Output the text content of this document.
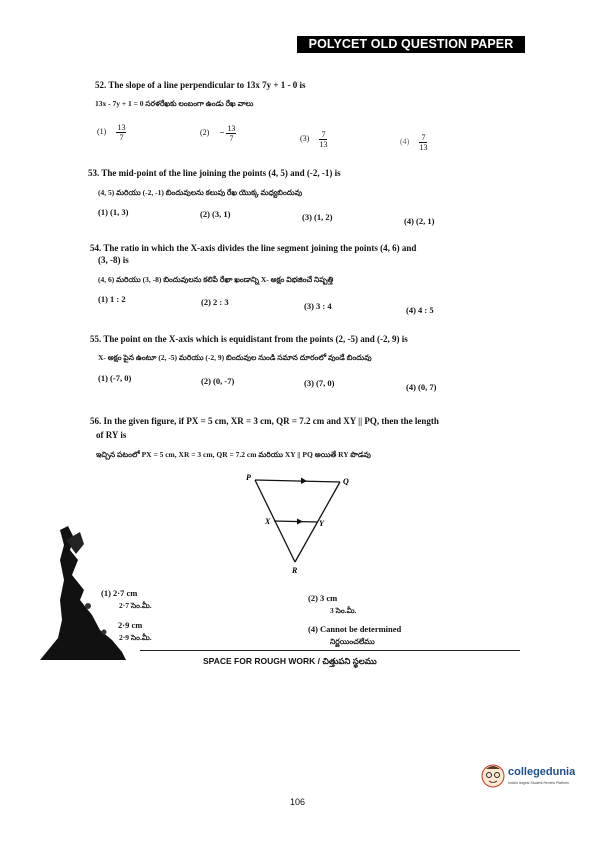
POLYCET OLD QUESTION PAPER
52. The slope of a line perpendicular to 13x 7y + 1 - 0 is
13x - 7y + 1 = 0 సరళరేఖకు లంబంగా ఉండు రేఖ వాలు
$(1) \frac{13}{7}$	$(2) - \frac{13}{7}$	$(3) \frac{7}{13}$	$(4) \frac{7}{13}$
53. The mid-point of the line joining the points (4, 5) and (-2, -1) is
(4, 5) మరియు (-2, -1) బిందువులను కలుపు రేఖ యొక్క మధ్యబిందువు
(1) (1, 3)	(2) (3, 1)	(3) (1, 2)	(4) (2, 1)
54. The ratio in which the X-axis divides the line segment joining the points (4, 6) and
(3, -8) is
(4, 6) మరియు (3, -8) బిందువులను కలిపే రేఖా ఖండాన్ని X- అక్షం విభజించే నిష్పత్తి
(1) 1 : 2	(2) 2 : 3	(3) 3 : 4	(4) 4 : 5
55. The point on the X-axis which is equidistant from the points (2, -5) and (-2, 9) is
X- అక్షం పైన ఉంటూ (2, -5) మరియు (-2, 9) బిందువుల నుండి సమాన దూరంలో వుండే బిందువు
(1) (-7, 0)	(2) (0, -7)	(3) (7, 0)	(4) (0, 7)
56. In the given figure, if PX = 5 cm, XR = 3 cm, QR = 7.2 cm and XY || PQ, then the length
of RY is
ఇచ్చిన పటంలో PX = 5 cm, XR = 3 cm, QR = 7.2 cm మరియు XY || PQ అయితే RY పొడవు
P	Q
X	Y
R
(1) 2·7 cm
2·7 సెం.మీ.
2·9 cm
2·9 సెం.మీ.
(2) 3 cm
3 సెం.మీ.
(4) Cannot be determined
నిర్ణయించలేము
SPACE FOR ROUGH WORK / చిత్తుపని స్థలము
collegedunia
India's largest Student Review Platform
106
